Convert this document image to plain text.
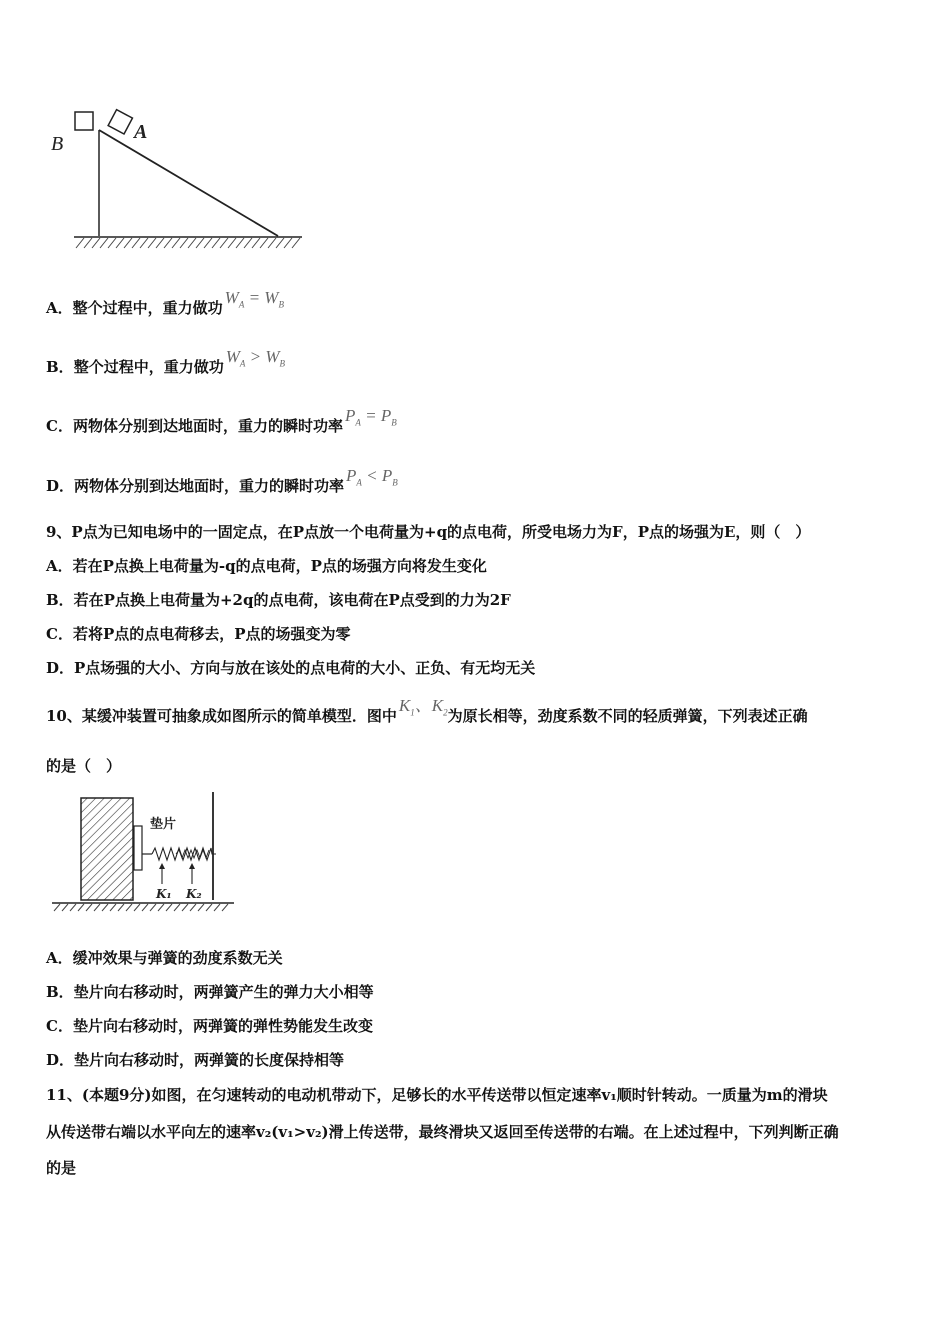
B
A
A．整个过程中，重力做功$W_A = W_B$
B．整个过程中，重力做功$W_A > W_B$
C．两物体分别到达地面时，重力的瞬时功率$P_A = P_B$
D．两物体分别到达地面时，重力的瞬时功率$P_A < P_B$
9、P点为已知电场中的一固定点，在P点放一个电荷量为+q的点电荷，所受电场力为F，P点的场强为E，则（　）
A．若在P点换上电荷量为-q的点电荷，P点的场强方向将发生变化
B．若在P点换上电荷量为+2q的点电荷，该电荷在P点受到的力为2F
C．若将P点的点电荷移去，P点的场强变为零
D．P点场强的大小、方向与放在该处的点电荷的大小、正负、有无均无关
10、某缓冲装置可抽象成如图所示的简单模型．图中$K_1$、$K_2$为原长相等，劲度系数不同的轻质弹簧，下列表述正确
的是（　）
垫片
K₁ K₂
A．缓冲效果与弹簧的劲度系数无关
B．垫片向右移动时，两弹簧产生的弹力大小相等
C．垫片向右移动时，两弹簧的弹性势能发生改变
D．垫片向右移动时，两弹簧的长度保持相等
11、(本题9分)如图，在匀速转动的电动机带动下，足够长的水平传送带以恒定速率v₁顺时针转动。一质量为m的滑块
从传送带右端以水平向左的速率v₂(v₁>v₂)滑上传送带，最终滑块又返回至传送带的右端。在上述过程中，下列判断正确
的是
